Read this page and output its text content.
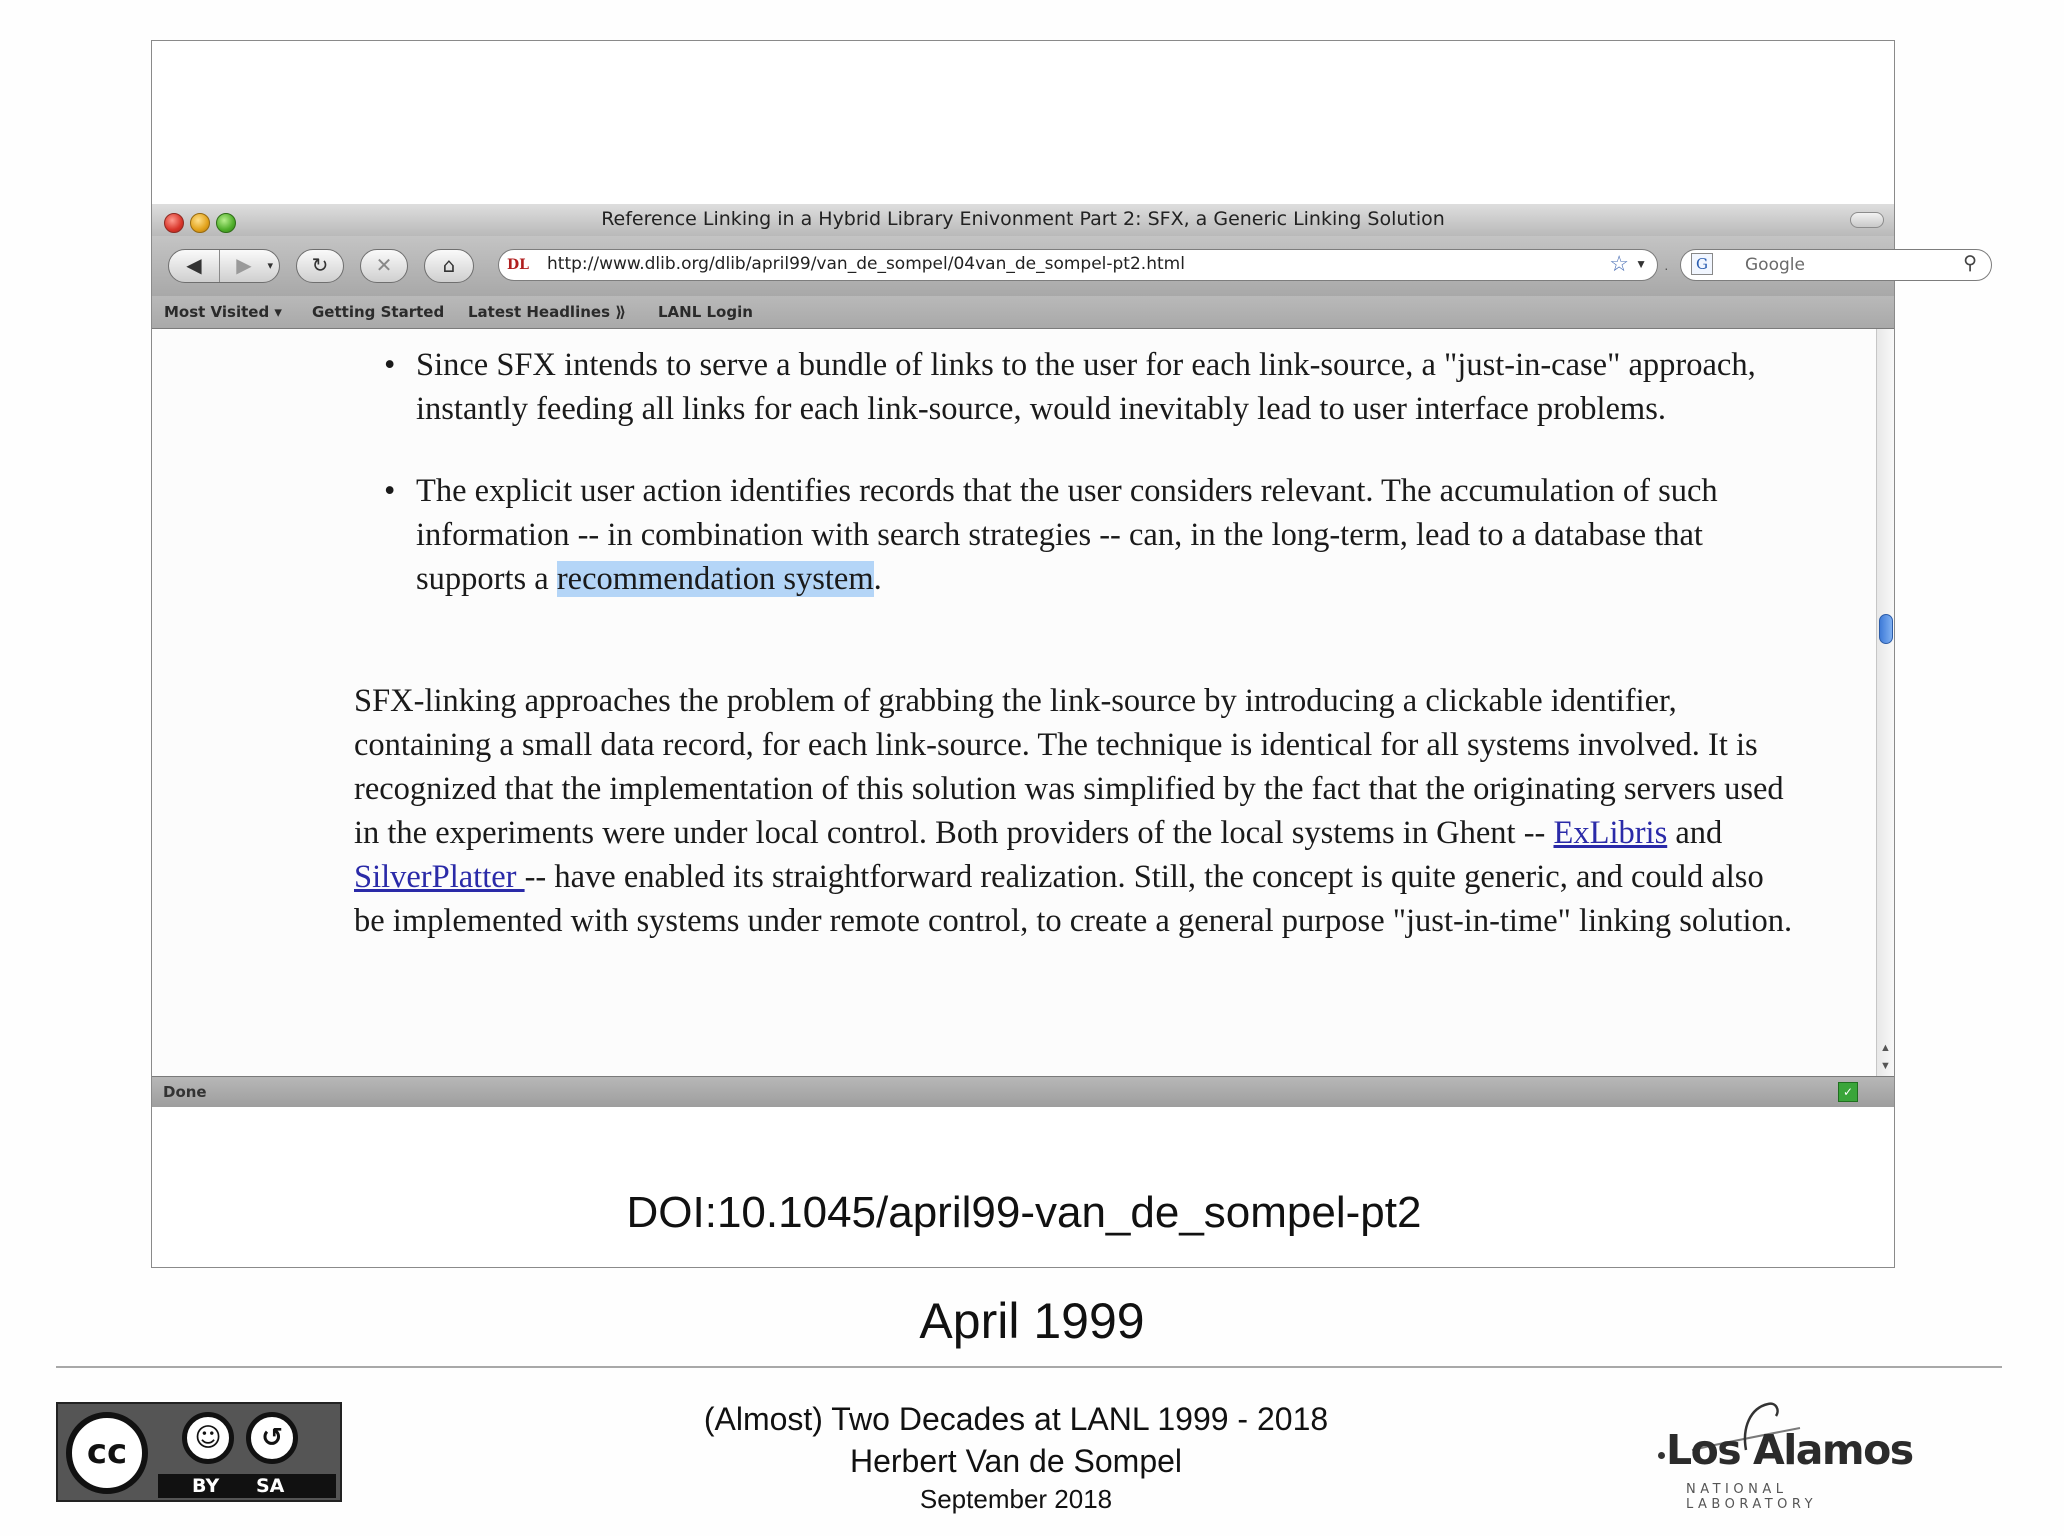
Reference Linking in a Hybrid Library Enivonment Part 2: SFX, a Generic Linking Solution
◀	▶	▾	↻	✕	⌂	DL	http://www.dlib.org/dlib/april99/van_de_sompel/04van_de_sompel-pt2.html	☆ ▼ ·	G Google	⚲
Most Visited ▾ Getting Started Latest Headlines ⟫ LANL Login
• Since SFX intends to serve a bundle of links to the user for each link-source, a "just-in-case" approach, instantly feeding all links for each link-source, would inevitably lead to user interface problems.
• The explicit user action identifies records that the user considers relevant. The accumulation of such information -- in combination with search strategies -- can, in the long-term, lead to a database that supports a recommendation system.

SFX-linking approaches the problem of grabbing the link-source by introducing a clickable identifier, containing a small data record, for each link-source. The technique is identical for all systems involved. It is recognized that the implementation of this solution was simplified by the fact that the originating servers used in the experiments were under local control. Both providers of the local systems in Ghent -- ExLibris and
SilverPlatter -- have enabled its straightforward realization. Still, the concept is quite generic, and could also be implemented with systems under remote control, to create a general purpose "just-in-time" linking solution.

▲
▼
Done	✓
DOI:10.1045/april99-van_de_sompel-pt2
April 1999
cc	☺	↺
BY SA
(Almost) Two Decades at LANL 1999 - 2018
Herbert Van de Sompel
September 2018
Los Alamos
NATIONAL LABORATORY
